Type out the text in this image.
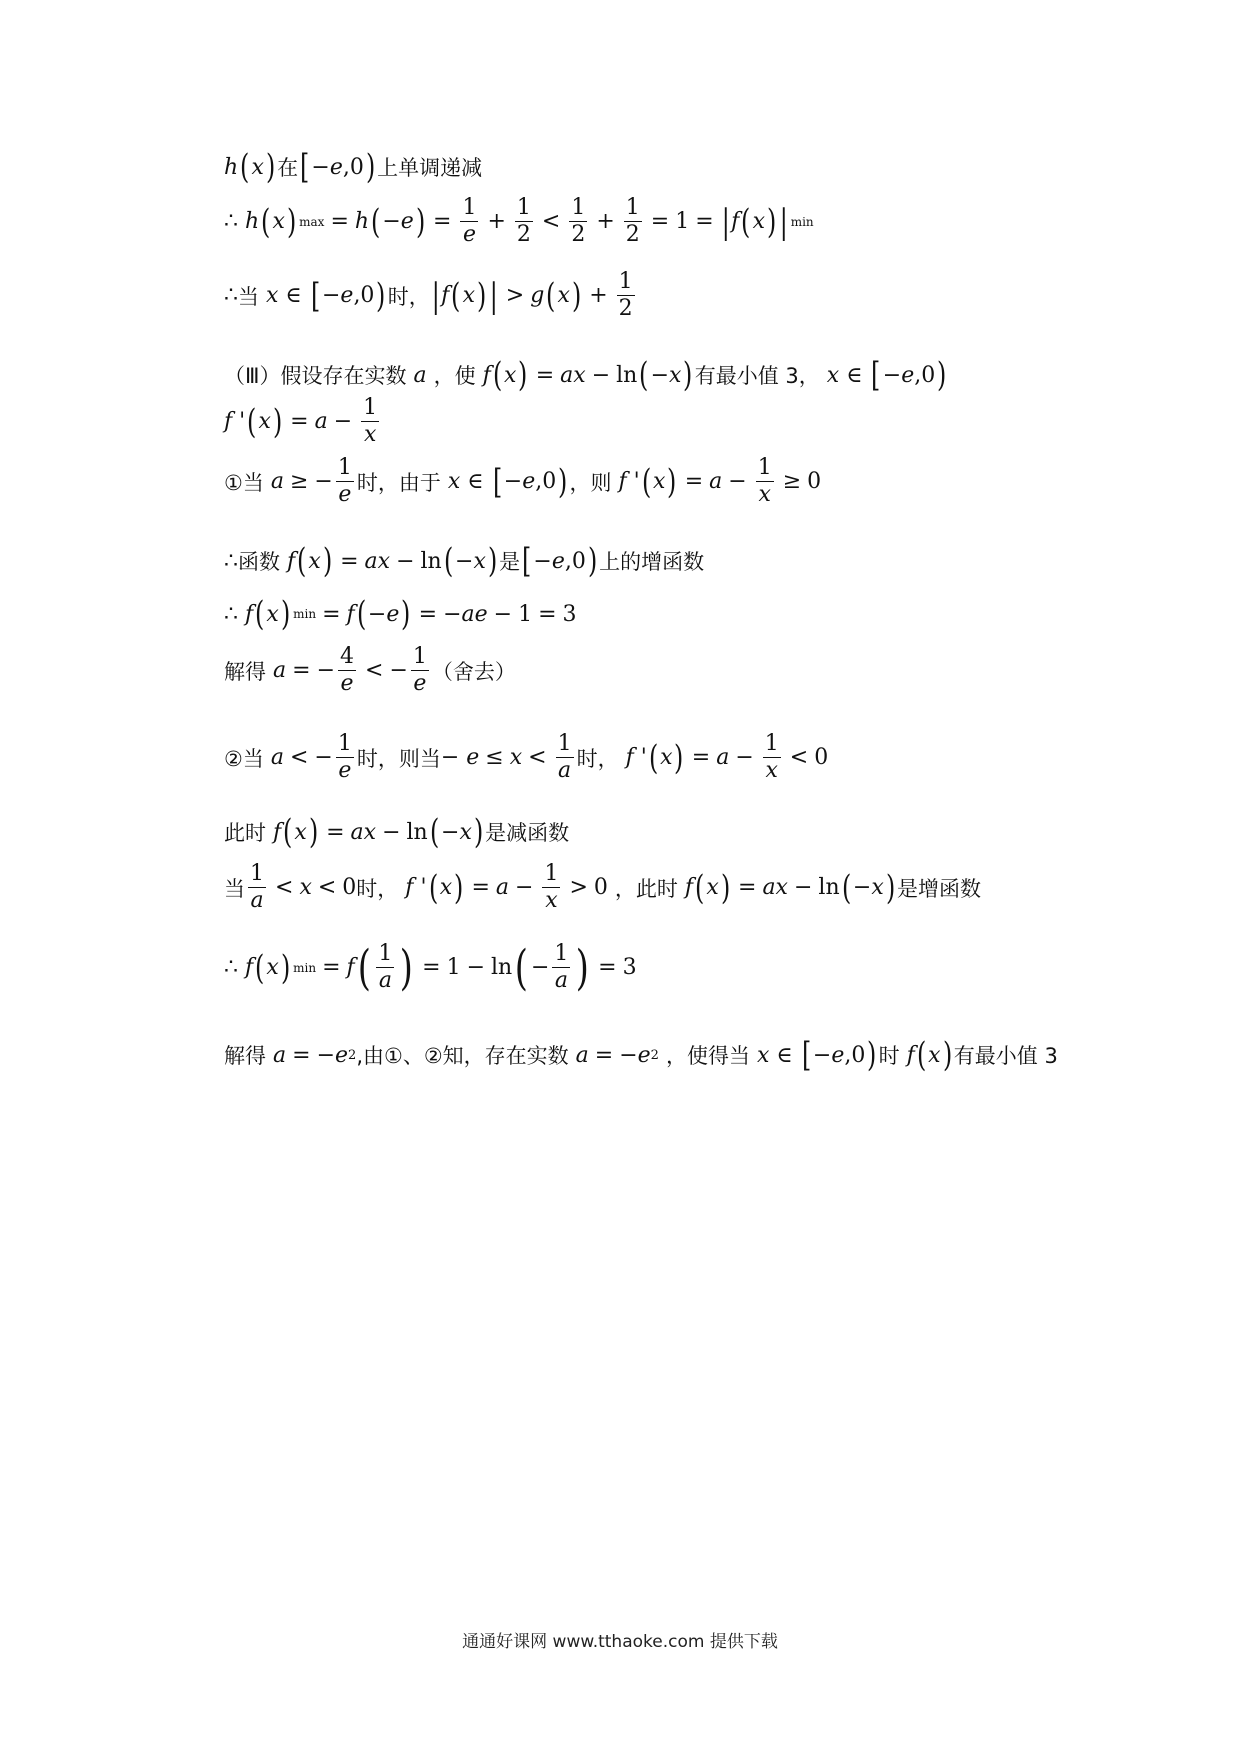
h ( x ) 在 [ − e ,0 ) 上单调递减
∴ h ( x ) max = h ( − e ) = $\frac{1}{e} + \frac{1}{2} < \frac{1}{2} + \frac{1}{2} = 1$ = | f ( x ) | min
∴ 当
x ∈ [ − e ,0 ) 时， | f ( x ) | > g ( x ) + $\frac{1}{2}$
（Ⅲ）假设存在实数
a
，使
f ( x ) = ax − ln ( − x ) 有最小值 3，
x ∈ [ − e ,0 )
f ' ( x ) = $a - \frac{1}{x}$
①当
a ≥ − $\frac{1}{e}$ 时，由于
x ∈ [ − e ,0 ) ，则
f ' ( x ) = $a - \frac{1}{x} \ge 0$
∴ 函数
f ( x ) = ax − ln ( − x ) 是 [ − e ,0 ) 上的增函数
∴ f ( x ) min = f ( − e ) = − ae − 1 = 3
解得
a = − $\frac{4}{e}$ < − $\frac{1}{e}$ （舍去）
②当
a < − $\frac{1}{e}$ 时，则当 − $e \le x < \frac{1}{a}$ 时，
f ' ( x ) = $a - \frac{1}{x} < 0$
此时
f ( x ) = ax − ln ( − x ) 是减函数
当 $\frac{1}{a} < x < 0$ 时，
f ' ( x ) = $a - \frac{1}{x} > 0$ ，此时
f ( x ) = ax − ln ( − x ) 是增函数
∴ f ( x ) min = f ( $\frac{1}{a}$ ) = 1 − ln ( − $\frac{1}{a}$ ) = 3
解得
a = − e 2 ,由①、②知，存在实数
a = − e 2
，使得当
x ∈ [ − e ,0 ) 时
f ( x ) 有最小值 3
通通好课网 www.tthaoke.com 提供下载
